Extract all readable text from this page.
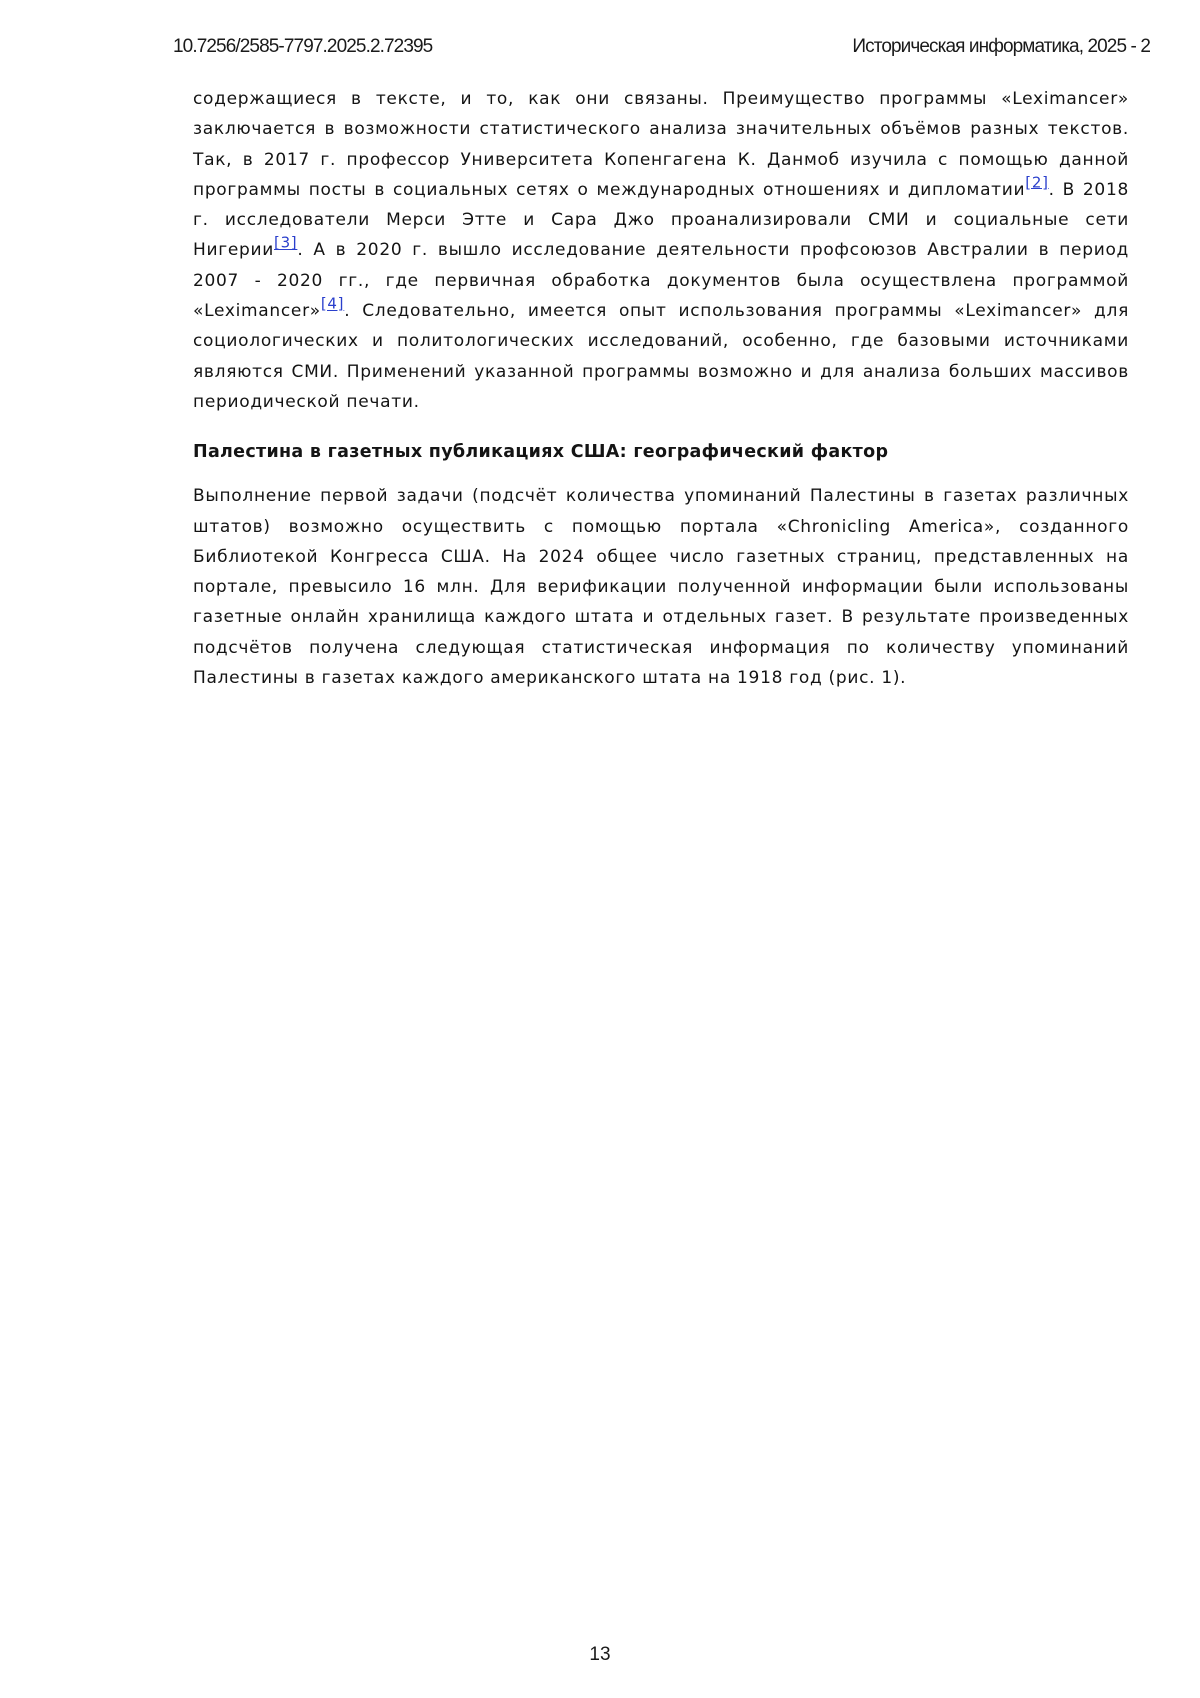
10.7256/2585-7797.2025.2.72395	Историческая информатика, 2025 - 2

содержащиеся в тексте, и то, как они связаны. Преимущество программы «Leximancer» заключается в возможности статистического анализа значительных объёмов разных текстов. Так, в 2017 г. профессор Университета Копенгагена К. Данмоб изучила с помощью данной программы посты в социальных сетях о международных отношениях и дипломатии[2]. В 2018 г. исследователи Мерси Этте и Сара Джо проанализировали СМИ и социальные сети Нигерии[3]. А в 2020 г. вышло исследование деятельности профсоюзов Австралии в период 2007 - 2020 гг., где первичная обработка документов была осуществлена программой «Leximancer»[4]. Следовательно, имеется опыт использования программы «Leximancer» для социологических и политологических исследований, особенно, где базовыми источниками являются СМИ. Применений указанной программы возможно и для анализа больших массивов периодической печати.

Палестина в газетных публикациях США: географический фактор

Выполнение первой задачи (подсчёт количества упоминаний Палестины в газетах различных штатов) возможно осуществить с помощью портала «Chronicling America», созданного Библиотекой Конгресса США. На 2024 общее число газетных страниц, представленных на портале, превысило 16 млн. Для верификации полученной информации были использованы газетные онлайн хранилища каждого штата и отдельных газет. В результате произведенных подсчётов получена следующая статистическая информация по количеству упоминаний Палестины в газетах каждого американского штата на 1918 год (рис. 1).

13
